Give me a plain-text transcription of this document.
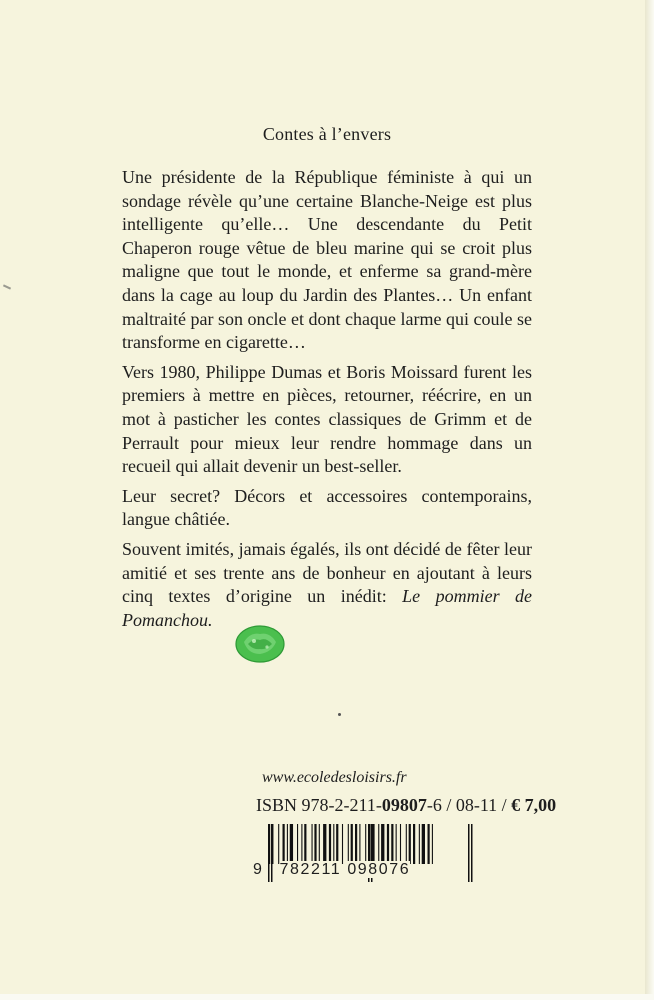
Contes à l’envers

Une présidente de la République féministe à qui un sondage révèle qu’une certaine Blanche-Neige est plus intelligente qu’elle… Une descendante du Petit Chaperon rouge vêtue de bleu marine qui se croit plus maligne que tout le monde, et enferme sa grand-mère dans la cage au loup du Jardin des Plantes… Un enfant maltraité par son oncle et dont chaque larme qui coule se transforme en cigarette…

Vers 1980, Philippe Dumas et Boris Moissard furent les premiers à mettre en pièces, retourner, réécrire, en un mot à pasticher les contes classiques de Grimm et de Perrault pour mieux leur rendre hommage dans un recueil qui allait devenir un best-seller.

Leur secret? Décors et accessoires contemporains, langue châtiée.

Souvent imités, jamais égalés, ils ont décidé de fêter leur amitié et ses trente ans de bonheur en ajoutant à leurs cinq textes d’origine un inédit: Le pommier de Pomanchou.

www.ecoledesloisirs.fr
ISBN 978-2-211-09807-6 / 08-11 / € 7,00
9 782211 098076
